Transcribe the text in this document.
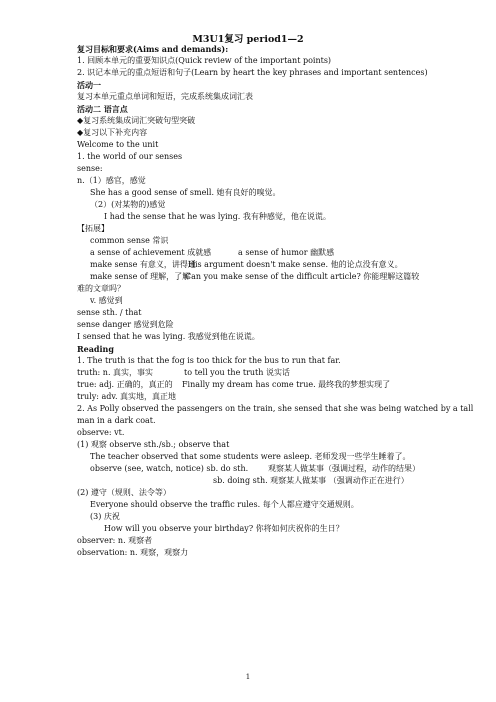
M3U1复习 period1—2
复习目标和要求(Aims and demands):
1. 回顾本单元的重要知识点(Quick review of the important points)
2. 识记本单元的重点短语和句子(Learn by heart the key phrases and important sentences)
活动一
复习本单元重点单词和短语，完成系统集成词汇表
活动二 语言点
◆复习系统集成词汇突破句型突破
◆复习以下补充内容
Welcome to the unit
1. the world of our senses
sense:
n.（1）感官，感觉
She has a good sense of smell. 她有良好的嗅觉。
（2）(对某物的)感觉
I had the sense that he was lying. 我有种感觉，他在说谎。
【拓展】
common sense 常识
a sense of achievement 成就感	a sense of humor 幽默感
make sense 有意义，讲得通
His argument doesn't make sense. 他的论点没有意义。
make sense of 理解，了解
Can you make sense of the difficult article? 你能理解这篇较
难的文章吗？
v. 感觉到
sense sth. / that
sense danger 感觉到危险
I sensed that he was lying. 我感觉到他在说谎。
Reading
1. The truth is that the fog is too thick for the bus to run that far.
truth: n. 真实，事实	to tell you the truth 说实话
true: adj. 正确的，真正的 Finally my dream has come true. 最终我的梦想实现了
truly: adv. 真实地，真正地
2. As Polly observed the passengers on the train, she sensed that she was being watched by a tall
man in a dark coat.
observe: vt.
(1) 观察 observe sth./sb.; observe that
The teacher observed that some students were asleep. 老师发现一些学生睡着了。
observe (see, watch, notice) sb. do sth. 观察某人做某事（强调过程，动作的结果）
sb. doing sth. 观察某人做某事 （强调动作正在进行）
(2) 遵守（规则、法令等）
Everyone should observe the traffic rules. 每个人都应遵守交通规则。
(3) 庆祝
How will you observe your birthday? 你将如何庆祝你的生日？
observer: n. 观察者
observation: n. 观察，观察力
1
